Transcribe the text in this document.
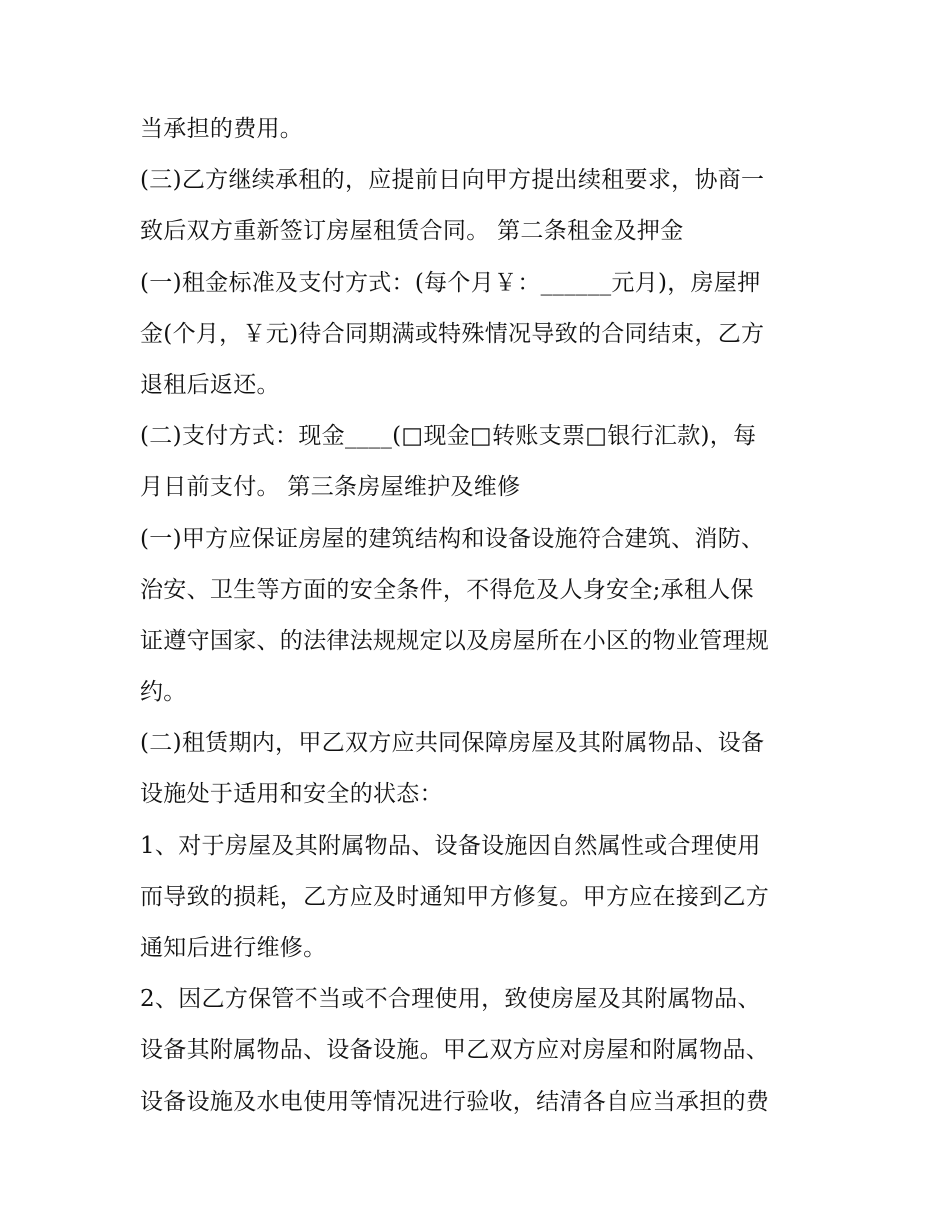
当承担的费用。
(三)乙方继续承租的，应提前日向甲方提出续租要求，协商一
致后双方重新签订房屋租赁合同。 第二条租金及押金
(一)租金标准及支付方式：(每个月￥：______元月)，房屋押
金(个月，￥元)待合同期满或特殊情况导致的合同结束，乙方
退租后返还。
(二)支付方式：现金____(□现金□转账支票□银行汇款)，每
月日前支付。 第三条房屋维护及维修
(一)甲方应保证房屋的建筑结构和设备设施符合建筑、消防、
治安、卫生等方面的安全条件，不得危及人身安全;承租人保
证遵守国家、的法律法规规定以及房屋所在小区的物业管理规
约。
(二)租赁期内，甲乙双方应共同保障房屋及其附属物品、设备
设施处于适用和安全的状态：
1、对于房屋及其附属物品、设备设施因自然属性或合理使用
而导致的损耗，乙方应及时通知甲方修复。甲方应在接到乙方
通知后进行维修。
2、因乙方保管不当或不合理使用，致使房屋及其附属物品、
设备其附属物品、设备设施。甲乙双方应对房屋和附属物品、
设备设施及水电使用等情况进行验收，结清各自应当承担的费
